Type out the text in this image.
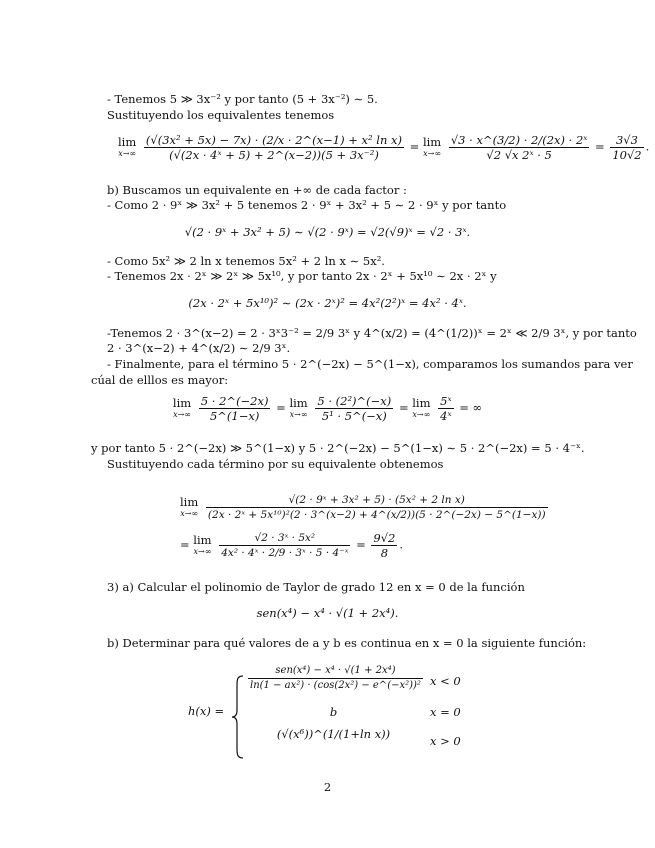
- Tenemos 5 ≫ 3x⁻² y por tanto (5 + 3x⁻²) ∼ 5.
Sustituyendo los equivalentes tenemos
lim
x→∞
$\frac{\text{(√(3x² + 5x) − 7x) · (2/x · 2\textasciicircum{}(x−1) + x² ln x)}}{\text{(√(2x · 4ˣ + 5) + 2\textasciicircum{}(x−2))(5 + 3x⁻²)}} = \lim$
x→∞
$\frac{\text{√3 · x\textasciicircum{}(3/2) · 2/(2x) · 2ˣ}}{\text{√2 √x 2ˣ · 5}} = \frac{3√3}{10√2}$ .
b) Buscamos un equivalente en +∞ de cada factor :
- Como 2 · 9ˣ ≫ 3x² + 5 tenemos 2 · 9ˣ + 3x² + 5 ∼ 2 · 9ˣ y por tanto
√(2 · 9ˣ + 3x² + 5) ∼ √(2 · 9ˣ) = √2(√9)ˣ = √2 · 3ˣ.
- Como 5x² ≫ 2 ln x tenemos 5x² + 2 ln x ∼ 5x².
- Tenemos 2x · 2ˣ ≫ 2ˣ ≫ 5x¹⁰, y por tanto 2x · 2ˣ + 5x¹⁰ ∼ 2x · 2ˣ y
(2x · 2ˣ + 5x¹⁰)² ∼ (2x · 2ˣ)² = 4x²(2²)ˣ = 4x² · 4ˣ.
-Tenemos 2 · 3^(x−2) = 2 · 3ˣ3⁻² = 2/9 3ˣ y 4^(x/2) = (4^(1/2))ˣ = 2ˣ ≪ 2/9 3ˣ, y por tanto
2 · 3^(x−2) + 4^(x/2) ∼ 2/9 3ˣ.
- Finalmente, para el término 5 · 2^(−2x) − 5^(1−x), comparamos los sumandos para ver
cúal de elllos es mayor:
lim
x→∞
$\frac{5 \cdot 2\^{}(-2x)}{5\^{}(1-x)} = \lim$
x→∞
$\frac{\text{5 · (2²)\textasciicircum{}(−x)}}{\text{5¹ · 5\textasciicircum{}(−x)}} = \lim$
x→∞
$\frac{\text{5ˣ}}{\text{4ˣ}}$ = ∞
y por tanto 5 · 2^(−2x) ≫ 5^(1−x) y 5 · 2^(−2x) − 5^(1−x) ∼ 5 · 2^(−2x) = 5 · 4⁻ˣ.
Sustituyendo cada término por su equivalente obtenemos
lim
x→∞

√(2 · 9ˣ + 3x² + 5) · (5x² + 2 ln x)
(2x · 2ˣ + 5x¹⁰)²(2 · 3^(x−2) + 4^(x/2))(5 · 2^(−2x) − 5^(1−x))
= lim
x→∞
$\frac{\text{√2 · 3ˣ · 5x²}}{\text{4x² · 4ˣ · 2/9 · 3ˣ · 5 · 4⁻ˣ}} = \frac{9√2}{8}$ .
3) a) Calcular el polinomio de Taylor de grado 12 en x = 0 de la función
sen(x⁴) − x⁴ · √(1 + 2x⁴).
b) Determinar para qué valores de a y b es continua en x = 0 la siguiente función:
h(x) =
$\frac{\text{sen(x⁴) − x⁴ · √(1 + 2x⁴)}}{\text{ln(1 − ax²) · (cos(2x²) − e\textasciicircum{}(−x²))²}}$ x < 0
b	x = 0
(√(x⁶))^(1/(1+ln x))	x > 0
2
